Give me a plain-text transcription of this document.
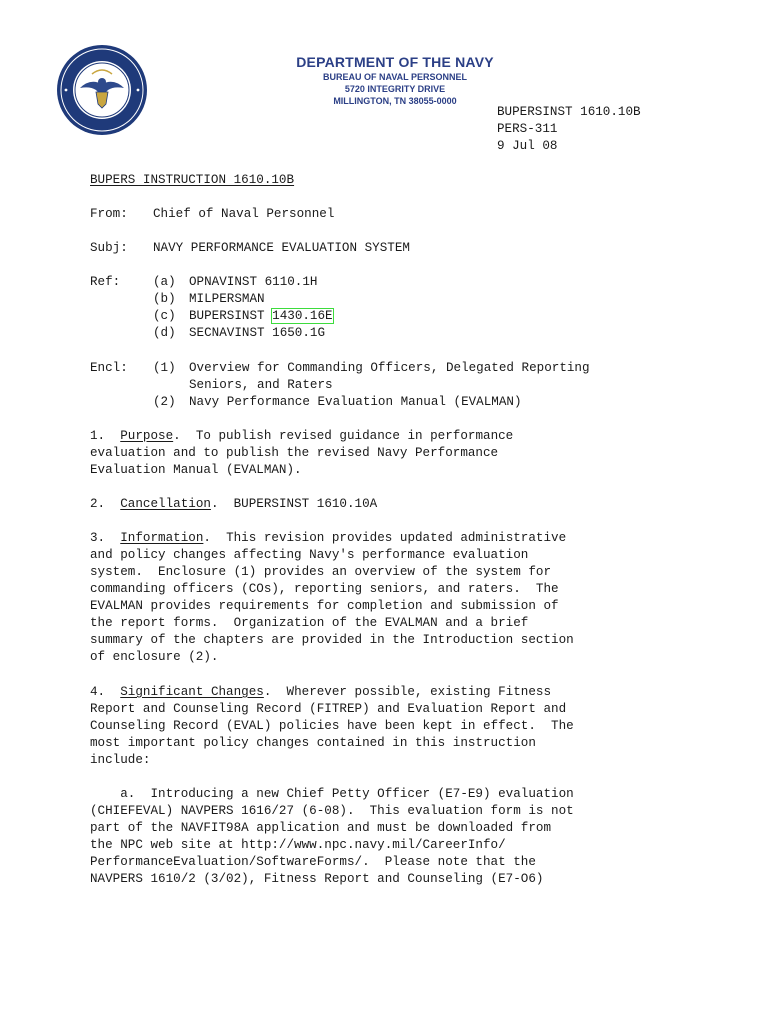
DEPARTMENT OF THE NAVY
BUREAU OF NAVAL PERSONNEL
5720 INTEGRITY DRIVE
MILLINGTON, TN 38055-0000
BUPERSINST 1610.10B
PERS-311
9 Jul 08
BUPERS INSTRUCTION 1610.10B
From: Chief of Naval Personnel
Subj: NAVY PERFORMANCE EVALUATION SYSTEM
Ref:	(a) OPNAVINST 6110.1H
(b) MILPERSMAN
(c) BUPERSINST 1430.16E
(d) SECNAVINST 1650.1G
Encl: (1) Overview for Commanding Officers, Delegated Reporting
Seniors, and Raters
(2) Navy Performance Evaluation Manual (EVALMAN)
1. Purpose.  To publish revised guidance in performance
evaluation and to publish the revised Navy Performance
Evaluation Manual (EVALMAN).
2. Cancellation.  BUPERSINST 1610.10A
3. Information.  This revision provides updated administrative
and policy changes affecting Navy's performance evaluation
system.  Enclosure (1) provides an overview of the system for
commanding officers (COs), reporting seniors, and raters.  The
EVALMAN provides requirements for completion and submission of
the report forms.  Organization of the EVALMAN and a brief
summary of the chapters are provided in the Introduction section
of enclosure (2).
4. Significant Changes.  Wherever possible, existing Fitness
Report and Counseling Record (FITREP) and Evaluation Report and
Counseling Record (EVAL) policies have been kept in effect.  The
most important policy changes contained in this instruction
include:
a.  Introducing a new Chief Petty Officer (E7-E9) evaluation
(CHIEFEVAL) NAVPERS 1616/27 (6-08).  This evaluation form is not
part of the NAVFIT98A application and must be downloaded from
the NPC web site at http://www.npc.navy.mil/CareerInfo/
PerformanceEvaluation/SoftwareForms/.  Please note that the
NAVPERS 1610/2 (3/02), Fitness Report and Counseling (E7-O6)
